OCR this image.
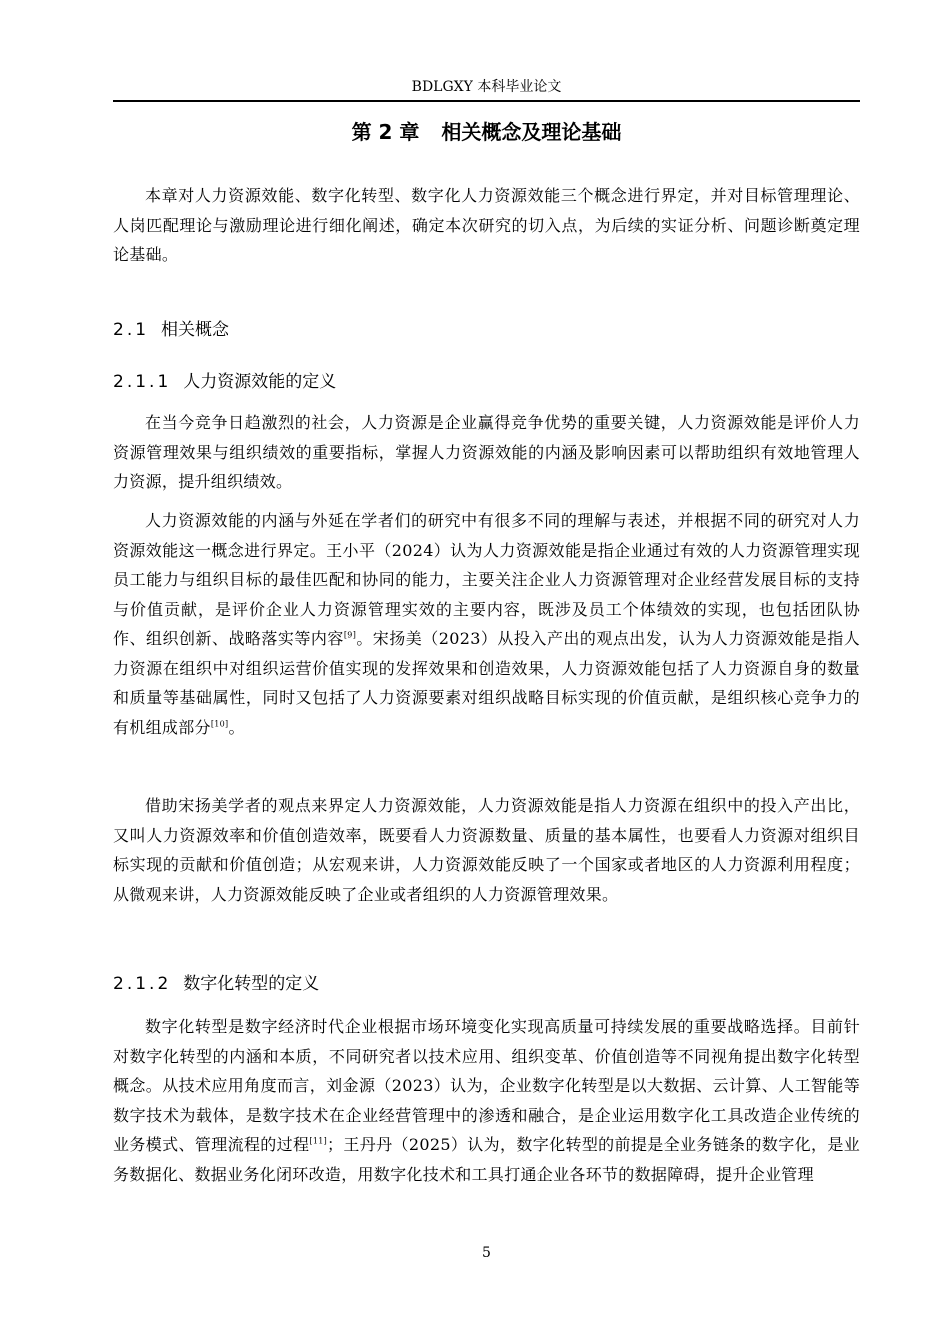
BDLGXY 本科毕业论文
第 2 章 相关概念及理论基础

本章对人力资源效能、数字化转型、数字化人力资源效能三个概念进行界定，并对目标管理理论、人岗匹配理论与激励理论进行细化阐述，确定本次研究的切入点，为后续的实证分析、问题诊断奠定理论基础。

2.1 相关概念
2.1.1 人力资源效能的定义

在当今竞争日趋激烈的社会，人力资源是企业赢得竞争优势的重要关键，人力资源效能是评价人力资源管理效果与组织绩效的重要指标，掌握人力资源效能的内涵及影响因素可以帮助组织有效地管理人力资源，提升组织绩效。

人力资源效能的内涵与外延在学者们的研究中有很多不同的理解与表述，并根据不同的研究对人力资源效能这一概念进行界定。王小平（2024）认为人力资源效能是指企业通过有效的人力资源管理实现员工能力与组织目标的最佳匹配和协同的能力，主要关注企业人力资源管理对企业经营发展目标的支持与价值贡献，是评价企业人力资源管理实效的主要内容，既涉及员工个体绩效的实现，也包括团队协作、组织创新、战略落实等内容[9]。宋扬美（2023）从投入产出的观点出发，认为人力资源效能是指人力资源在组织中对组织运营价值实现的发挥效果和创造效果，人力资源效能包括了人力资源自身的数量和质量等基础属性，同时又包括了人力资源要素对组织战略目标实现的价值贡献，是组织核心竞争力的有机组成部分[10]。

借助宋扬美学者的观点来界定人力资源效能，人力资源效能是指人力资源在组织中的投入产出比，又叫人力资源效率和价值创造效率，既要看人力资源数量、质量的基本属性，也要看人力资源对组织目标实现的贡献和价值创造；从宏观来讲，人力资源效能反映了一个国家或者地区的人力资源利用程度；从微观来讲，人力资源效能反映了企业或者组织的人力资源管理效果。

2.1.2 数字化转型的定义

数字化转型是数字经济时代企业根据市场环境变化实现高质量可持续发展的重要战略选择。目前针对数字化转型的内涵和本质，不同研究者以技术应用、组织变革、价值创造等不同视角提出数字化转型概念。从技术应用角度而言，刘金源（2023）认为，企业数字化转型是以大数据、云计算、人工智能等数字技术为载体，是数字技术在企业经营管理中的渗透和融合，是企业运用数字化工具改造企业传统的业务模式、管理流程的过程[11]；王丹丹（2025）认为，数字化转型的前提是全业务链条的数字化，是业务数据化、数据业务化闭环改造，用数字化技术和工具打通企业各环节的数据障碍，提升企业管理

5
